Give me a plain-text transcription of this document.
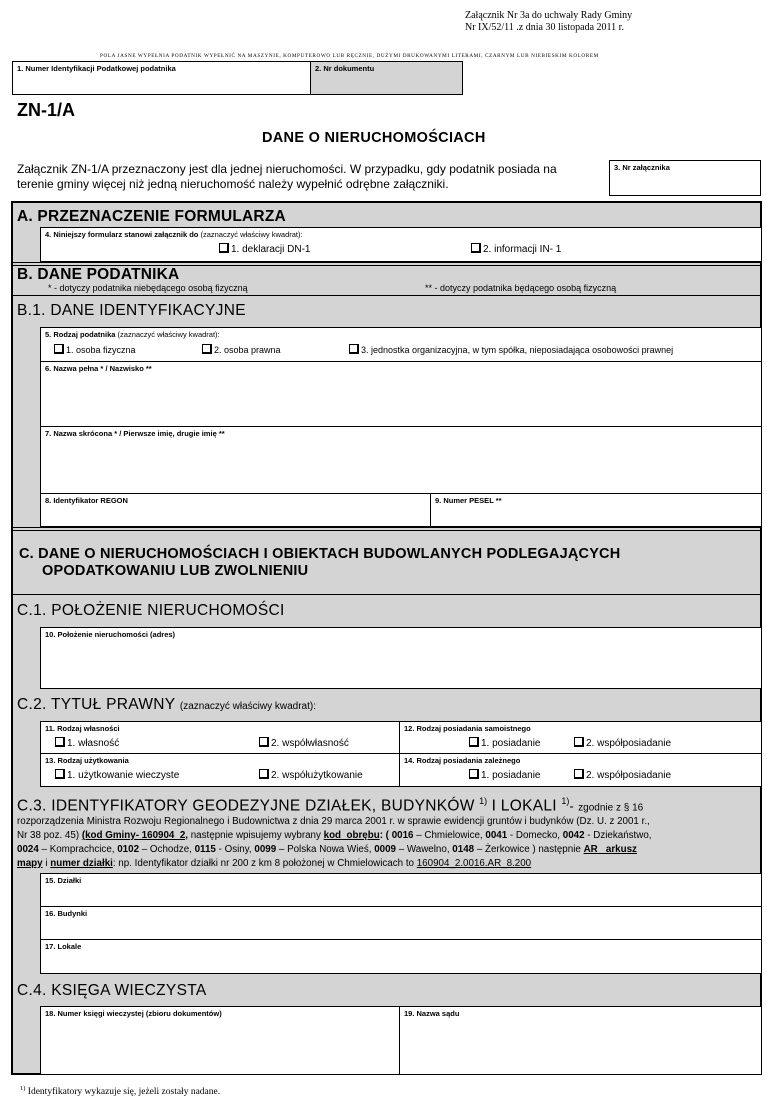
Załącznik Nr 3a do uchwały Rady Gminy
Nr IX/52/11 .z dnia 30 listopada 2011 r.
POLA JASNE WYPEŁNIA PODATNIK WYPEŁNIĆ NA MASZYNIE, KOMPUTEROWO LUB RĘCZNIE, DUŻYMI DRUKOWANYMI LITERAMI, CZARNYM LUB NIEBIESKIM KOLOREM
1. Numer Identyfikacji Podatkowej podatnika	2. Nr dokumentu
ZN-1/A
DANE O NIERUCHOMOŚCIACH
Załącznik ZN-1/A przeznaczony jest dla jednej nieruchomości. W przypadku, gdy podatnik posiada na
terenie gminy więcej niż jedną nieruchomość należy wypełnić odrębne załączniki.
3. Nr załącznika
A. PRZEZNACZENIE FORMULARZA
4. Niniejszy formularz stanowi załącznik do (zaznaczyć właściwy kwadrat):
1. deklaracji DN-1	2. informacji IN- 1
B. DANE PODATNIKA
* - dotyczy podatnika niebędącego osobą fizyczną	** - dotyczy podatnika będącego osobą fizyczną
B.1. DANE IDENTYFIKACYJNE
5. Rodzaj podatnika (zaznaczyć właściwy kwadrat):
1. osoba fizyczna	2. osoba prawna	3. jednostka organizacyjna, w tym spółka, nieposiadająca osobowości prawnej
6. Nazwa pełna * / Nazwisko **
7. Nazwa skrócona * / Pierwsze imię, drugie imię **
8. Identyfikator REGON	9. Numer PESEL **
C. DANE O NIERUCHOMOŚCIACH I OBIEKTACH BUDOWLANYCH PODLEGAJĄCYCH
OPODATKOWANIU LUB ZWOLNIENIU
C.1. POŁOŻENIE NIERUCHOMOŚCI
10. Położenie nieruchomości (adres)
C.2. TYTUŁ PRAWNY (zaznaczyć właściwy kwadrat):
11. Rodzaj własności
1. własność	2. współwłasność
12. Rodzaj posiadania samoistnego
1. posiadanie	2. współposiadanie
13. Rodzaj użytkowania
1. użytkowanie wieczyste	2. współużytkowanie
14. Rodzaj posiadania zależnego
1. posiadanie	2. współposiadanie
C.3. IDENTYFIKATORY GEODEZYJNE DZIAŁEK, BUDYNKÓW $^{1)}$ I LOKALI $^{1)}$- zgodnie z § 16
rozporządzenia Ministra Rozwoju Regionalnego i Budownictwa z dnia 29 marca 2001 r. w sprawie ewidencji gruntów i budynków (Dz. U. z 2001 r.,
Nr 38 poz. 45) (kod Gminy- 160904_2, następnie wpisujemy wybrany kod_obrębu: ( 0016 – Chmielowice, 0041 - Domecko, 0042 - Dziekaństwo,
0024 – Komprachcice, 0102 – Ochodze, 0115 - Osiny, 0099 – Polska Nowa Wieś, 0009 – Wawelno, 0148 – Żerkowice ) następnie AR_ arkusz
mapy i numer działki: np. Identyfikator działki nr 200 z km 8 położonej w Chmielowicach to 160904_2.0016.AR_8.200
15. Działki
16. Budynki
17. Lokale
C.4. KSIĘGA WIECZYSTA
18. Numer księgi wieczystej (zbioru dokumentów)	19. Nazwa sądu
$^{1)}$ Identyfikatory wykazuje się, jeżeli zostały nadane.
